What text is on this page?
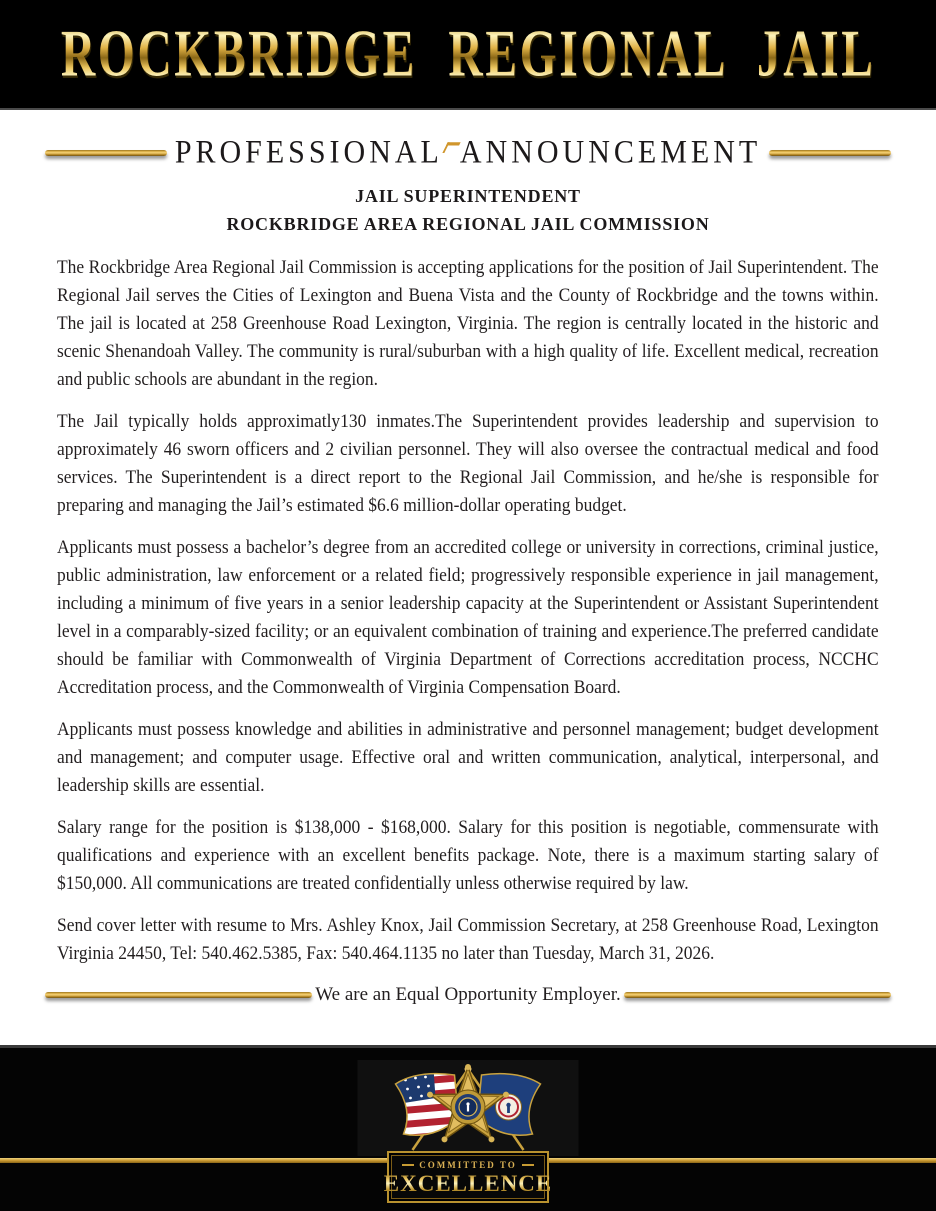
ROCKBRIDGE REGIONAL JAIL
PROFESSIONAL ANNOUNCEMENT
JAIL SUPERINTENDENT
ROCKBRIDGE AREA REGIONAL JAIL COMMISSION

The Rockbridge Area Regional Jail Commission is accepting applications for the position of Jail Superintendent. The Regional Jail serves the Cities of Lexington and Buena Vista and the County of Rockbridge and the towns within. The jail is located at 258 Greenhouse Road Lexington, Virginia. The region is centrally located in the historic and scenic Shenandoah Valley. The community is rural/suburban with a high quality of life. Excellent medical, recreation and public schools are abundant in the region.

The Jail typically holds approximatly130 inmates.The Superintendent provides leadership and supervision to approximately 46 sworn officers and 2 civilian personnel. They will also oversee the contractual medical and food services. The Superintendent is a direct report to the Regional Jail Commission, and he/she is responsible for preparing and managing the Jail’s estimated $6.6 million-dollar operating budget.

Applicants must possess a bachelor’s degree from an accredited college or university in corrections, criminal justice, public administration, law enforcement or a related field; progressively responsible experience in jail management, including a minimum of five years in a senior leadership capacity at the Superintendent or Assistant Superintendent level in a comparably-sized facility; or an equivalent combination of training and experience.The preferred candidate should be familiar with Commonwealth of Virginia Department of Corrections accreditation process, NCCHC Accreditation process, and the Commonwealth of Virginia Compensation Board.

Applicants must possess knowledge and abilities in administrative and personnel management; budget development and management; and computer usage. Effective oral and written communication, analytical, interpersonal, and leadership skills are essential.

Salary range for the position is $138,000 - $168,000. Salary for this position is negotiable, commensurate with qualifications and experience with an excellent benefits package. Note, there is a maximum starting salary of $150,000. All communications are treated confidentially unless otherwise required by law.

Send cover letter with resume to Mrs. Ashley Knox, Jail Commission Secretary, at 258 Greenhouse Road, Lexington Virginia 24450, Tel: 540.462.5385, Fax: 540.464.1135 no later than Tuesday, March 31, 2026.

We are an Equal Opportunity Employer.
COMMITTED TO
EXCELLENCE
